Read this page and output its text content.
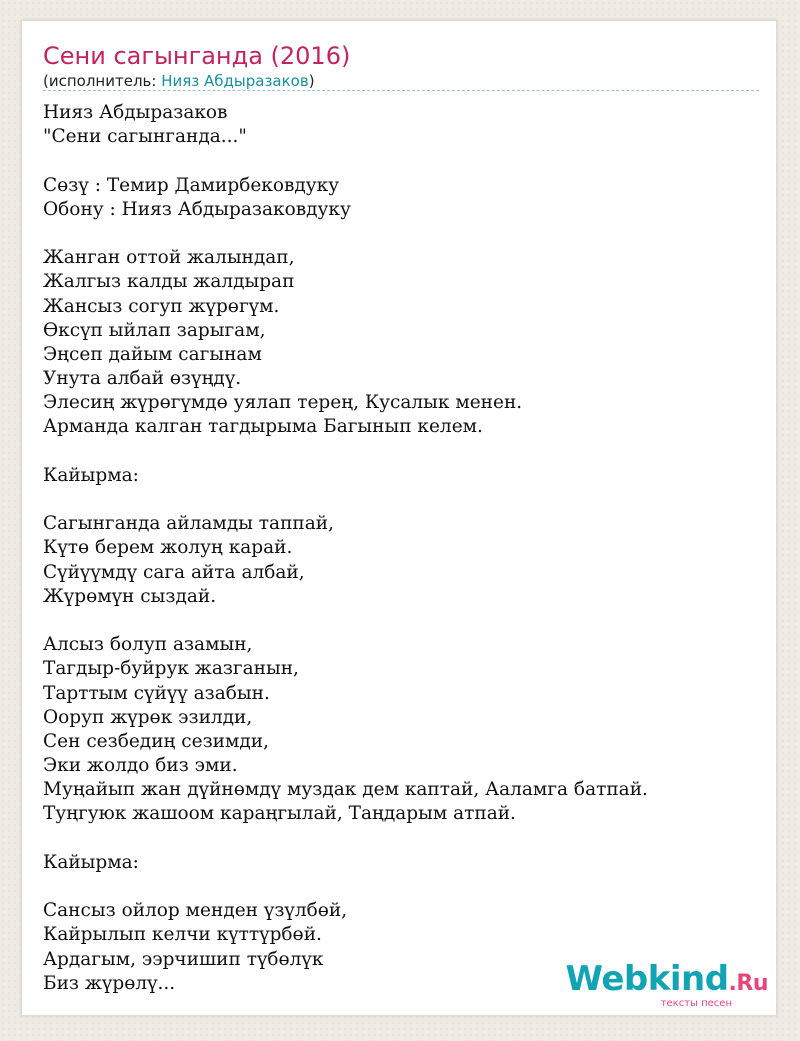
Сени сагынганда (2016)
(исполнитель: Нияз Абдыразаков)
Нияз Абдыразаков
"Сени сагынганда..."
Сөзү : Темир Дамирбековдуку
Обону : Нияз Абдыразаковдуку
Жанган оттой жалындап,
Жалгыз калды жалдырап
Жансыз согуп жүрөгүм.
Өксүп ыйлап зарыгам,
Эңсеп дайым сагынам
Унута албай өзүңдү.
Элесиң жүрөгүмдө уялап терең, Кусалык менен.
Арманда калган тагдырыма Багынып келем.
Кайырма:
Сагынганда айламды таппай,
Күтө берем жолуң карай.
Сүйүүмдү сага айта албай,
Жүрөмүн сыздай.
Алсыз болуп азамын,
Тагдыр-буйрук жазганын,
Тарттым сүйүү азабын.
Ооруп жүрөк эзилди,
Сен сезбедиң сезимди,
Эки жолдо биз эми.
Муңайып жан дүйнөмдү муздак дем каптай, Ааламга батпай.
Туңгуюк жашоом караңгылай, Таңдарым атпай.
Кайырма:
Сансыз ойлор менден үзүлбөй,
Кайрылып келчи күттүрбөй.
Ардагым, ээрчишип түбөлүк
Биз жүрөлү...	Webkind.Ru
тексты песен
